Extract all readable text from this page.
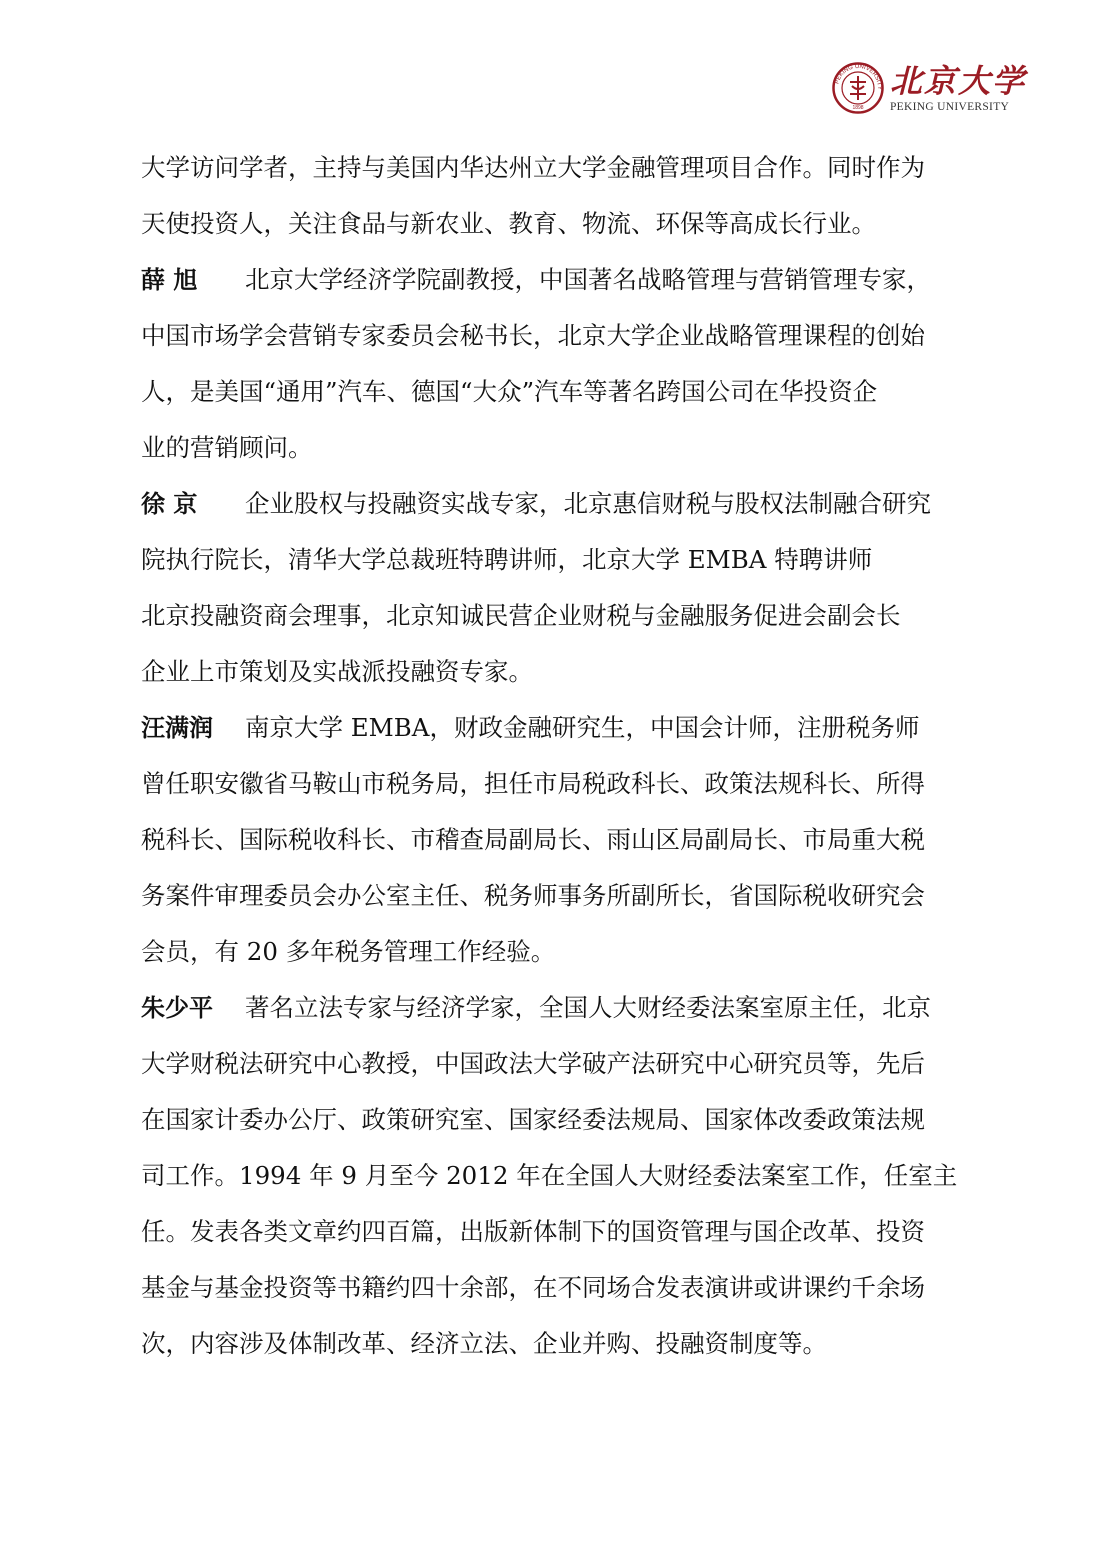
PEKING UNIVERSITY
1898
北京大学
PEKING UNIVERSITY
大学访问学者，主持与美国内华达州立大学金融管理项目合作。同时作为
天使投资人，关注食品与新农业、教育、物流、环保等高成长行业。
薛 旭 北京大学经济学院副教授，中国著名战略管理与营销管理专家，
中国市场学会营销专家委员会秘书长，北京大学企业战略管理课程的创始
人，是美国“通用”汽车、德国“大众”汽车等著名跨国公司在华投资企
业的营销顾问。
徐 京 企业股权与投融资实战专家，北京惠信财税与股权法制融合研究
院执行院长，清华大学总裁班特聘讲师，北京大学 EMBA 特聘讲师
北京投融资商会理事，北京知诚民营企业财税与金融服务促进会副会长
企业上市策划及实战派投融资专家。
汪满润 南京大学 EMBA，财政金融研究生，中国会计师，注册税务师
曾任职安徽省马鞍山市税务局，担任市局税政科长、政策法规科长、所得
税科长、国际税收科长、市稽查局副局长、雨山区局副局长、市局重大税
务案件审理委员会办公室主任、税务师事务所副所长，省国际税收研究会
会员，有 20 多年税务管理工作经验。
朱少平 著名立法专家与经济学家，全国人大财经委法案室原主任，北京
大学财税法研究中心教授，中国政法大学破产法研究中心研究员等，先后
在国家计委办公厅、政策研究室、国家经委法规局、国家体改委政策法规
司工作。1994 年 9 月至今 2012 年在全国人大财经委法案室工作，任室主
任。发表各类文章约四百篇，出版新体制下的国资管理与国企改革、投资
基金与基金投资等书籍约四十余部，在不同场合发表演讲或讲课约千余场
次，内容涉及体制改革、经济立法、企业并购、投融资制度等。
